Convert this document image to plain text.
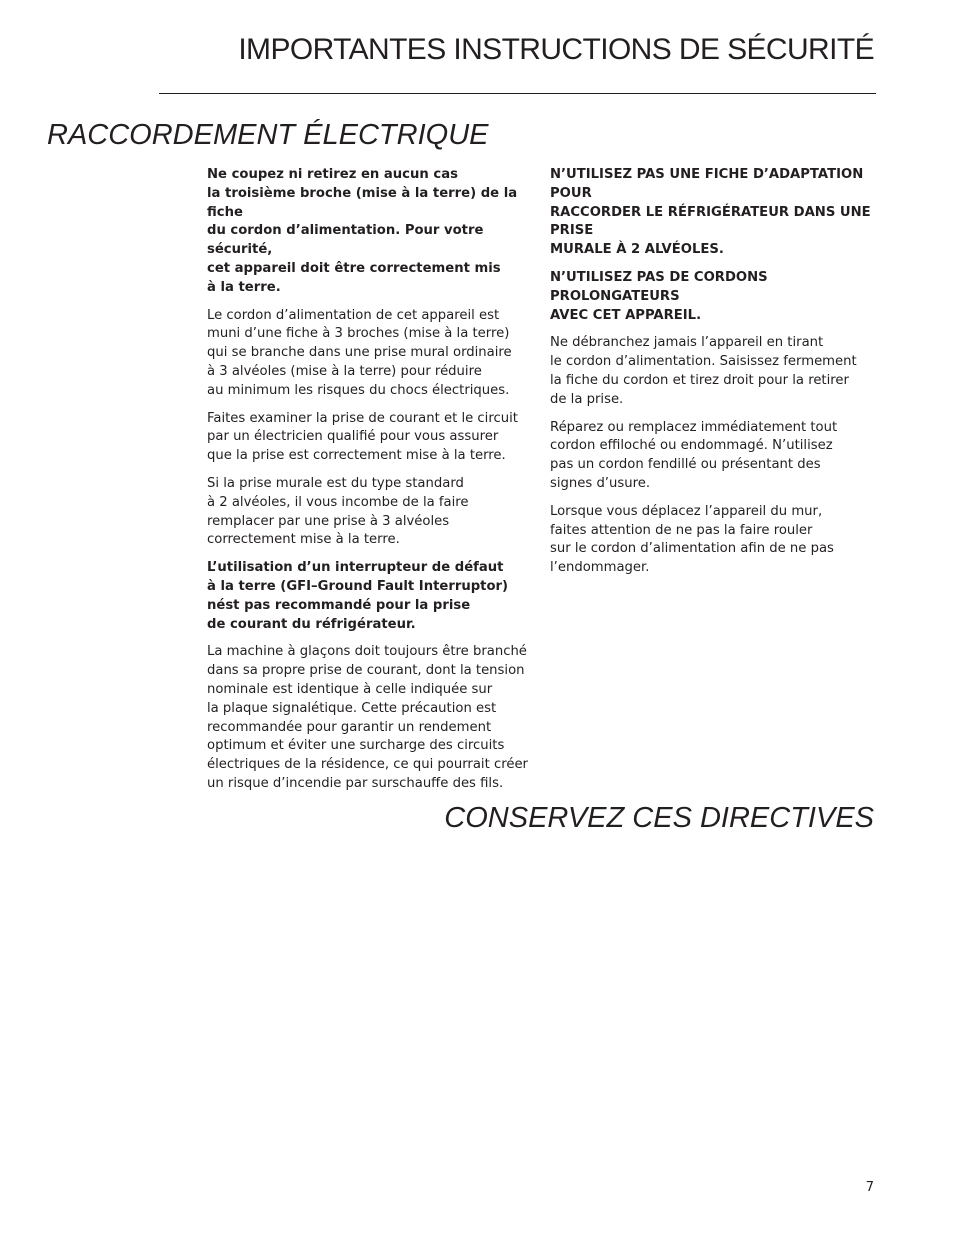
IMPORTANTES INSTRUCTIONS DE SÉCURITÉ
RACCORDEMENT ÉLECTRIQUE

Ne coupez ni retirez en aucun cas
la troisième broche (mise à la terre) de la fiche
du cordon d’alimentation. Pour votre sécurité,
cet appareil doit être correctement mis
à la terre.

Le cordon d’alimentation de cet appareil est
muni d’une fiche à 3 broches (mise à la terre)
qui se branche dans une prise mural ordinaire
à 3 alvéoles (mise à la terre) pour réduire
au minimum les risques du chocs électriques.

Faites examiner la prise de courant et le circuit
par un électricien qualifié pour vous assurer
que la prise est correctement mise à la terre.

Si la prise murale est du type standard
à 2 alvéoles, il vous incombe de la faire
remplacer par une prise à 3 alvéoles
correctement mise à la terre.

L’utilisation d’un interrupteur de défaut
à la terre (GFI–Ground Fault Interruptor)
nést pas recommandé pour la prise
de courant du réfrigérateur.

La machine à glaçons doit toujours être branché
dans sa propre prise de courant, dont la tension
nominale est identique à celle indiquée sur
la plaque signalétique. Cette précaution est
recommandée pour garantir un rendement
optimum et éviter une surcharge des circuits
électriques de la résidence, ce qui pourrait créer
un risque d’incendie par surschauffe des fils.

N’UTILISEZ PAS UNE FICHE D’ADAPTATION POUR
RACCORDER LE RÉFRIGÉRATEUR DANS UNE PRISE
MURALE À 2 ALVÉOLES.

N’UTILISEZ PAS DE CORDONS PROLONGATEURS
AVEC CET APPAREIL.

Ne débranchez jamais l’appareil en tirant
le cordon d’alimentation. Saisissez fermement
la fiche du cordon et tirez droit pour la retirer
de la prise.

Réparez ou remplacez immédiatement tout
cordon effiloché ou endommagé. N’utilisez
pas un cordon fendillé ou présentant des
signes d’usure.

Lorsque vous déplacez l’appareil du mur,
faites attention de ne pas la faire rouler
sur le cordon d’alimentation afin de ne pas
l’endommager.

CONSERVEZ CES DIRECTIVES
7
